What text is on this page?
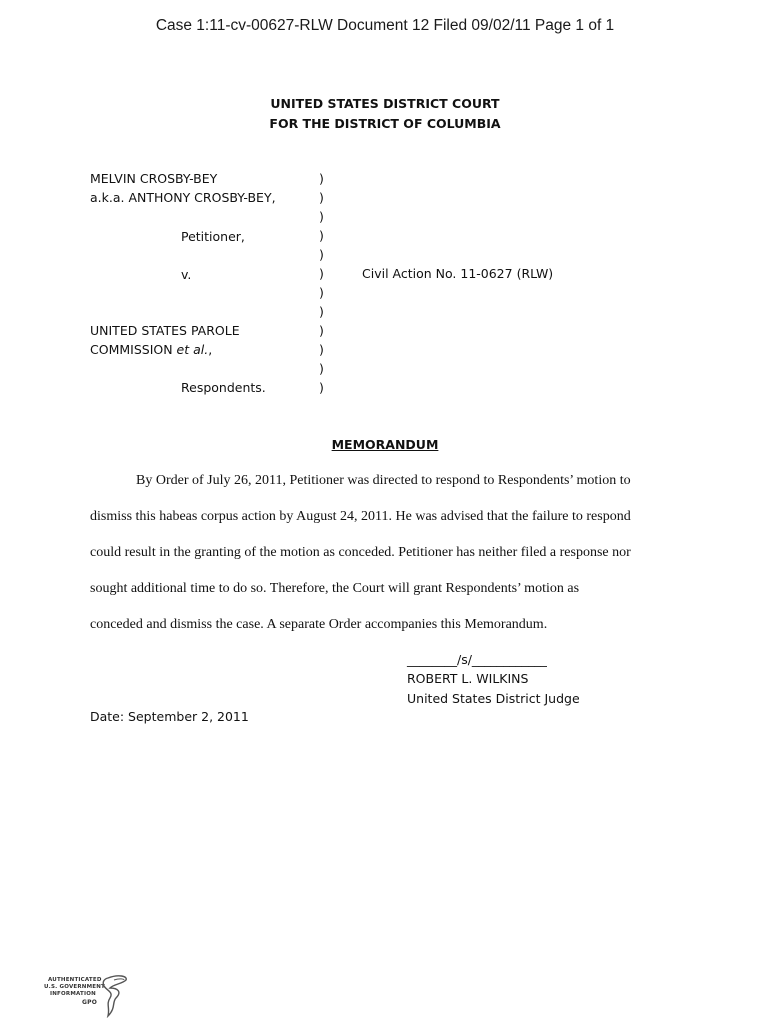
Case 1:11-cv-00627-RLW Document 12 Filed 09/02/11 Page 1 of 1
UNITED STATES DISTRICT COURT
FOR THE DISTRICT OF COLUMBIA
MELVIN CROSBY-BEY
a.k.a. ANTHONY CROSBY-BEY,
Petitioner,
v.
UNITED STATES PAROLE
COMMISSION et al.,
Respondents.
)
)
)
)
)
)
)
)
)
)
)
)
Civil Action No. 11-0627 (RLW)
MEMORANDUM
By Order of July 26, 2011, Petitioner was directed to respond to Respondents’ motion to
dismiss this habeas corpus action by August 24, 2011. He was advised that the failure to respond
could result in the granting of the motion as conceded. Petitioner has neither filed a response nor
sought additional time to do so. Therefore, the Court will grant Respondents’ motion as
conceded and dismiss the case. A separate Order accompanies this Memorandum.
________/s/____________
ROBERT L. WILKINS
United States District Judge
Date: September 2, 2011
AUTHENTICATED
U.S. GOVERNMENT
INFORMATION
GPO
